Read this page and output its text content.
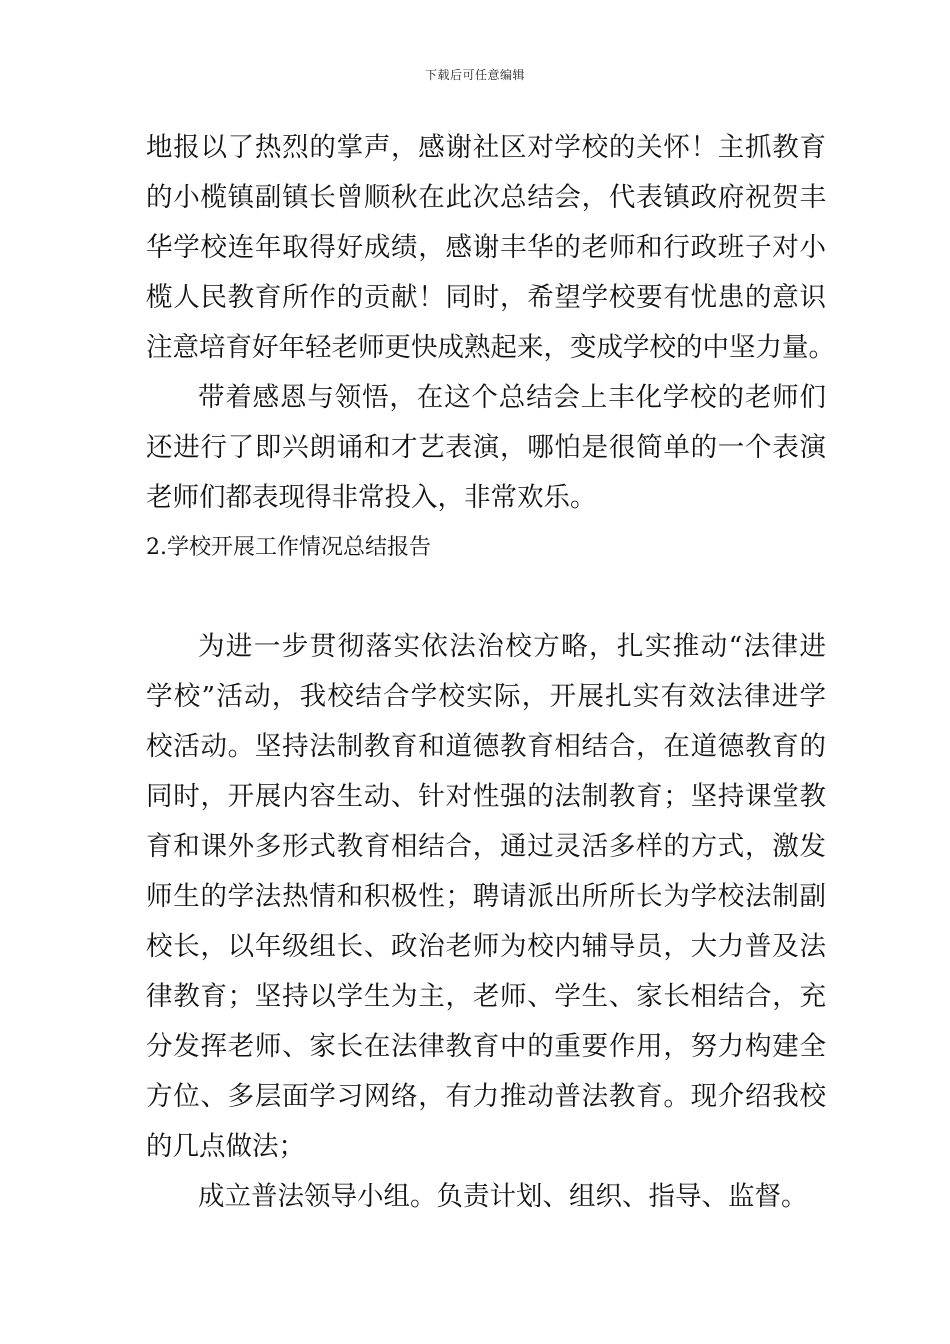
下载后可任意编辑
地报以了热烈的掌声，感谢社区对学校的关怀！主抓教育
的小榄镇副镇长曾顺秋在此次总结会，代表镇政府祝贺丰
华学校连年取得好成绩，感谢丰华的老师和行政班子对小
榄人民教育所作的贡献！同时，希望学校要有忧患的意识
注意培育好年轻老师更快成熟起来，变成学校的中坚力量。
带着感恩与领悟，在这个总结会上丰化学校的老师们
还进行了即兴朗诵和才艺表演，哪怕是很简单的一个表演
老师们都表现得非常投入，非常欢乐。
2.学校开展工作情况总结报告
为进一步贯彻落实依法治校方略，扎实推动“法律进
学校”活动，我校结合学校实际，开展扎实有效法律进学
校活动。坚持法制教育和道德教育相结合，在道德教育的
同时，开展内容生动、针对性强的法制教育；坚持课堂教
育和课外多形式教育相结合，通过灵活多样的方式，激发
师生的学法热情和积极性；聘请派出所所长为学校法制副
校长，以年级组长、政治老师为校内辅导员，大力普及法
律教育；坚持以学生为主，老师、学生、家长相结合，充
分发挥老师、家长在法律教育中的重要作用，努力构建全
方位、多层面学习网络，有力推动普法教育。现介绍我校
的几点做法；
成立普法领导小组。负责计划、组织、指导、监督。
